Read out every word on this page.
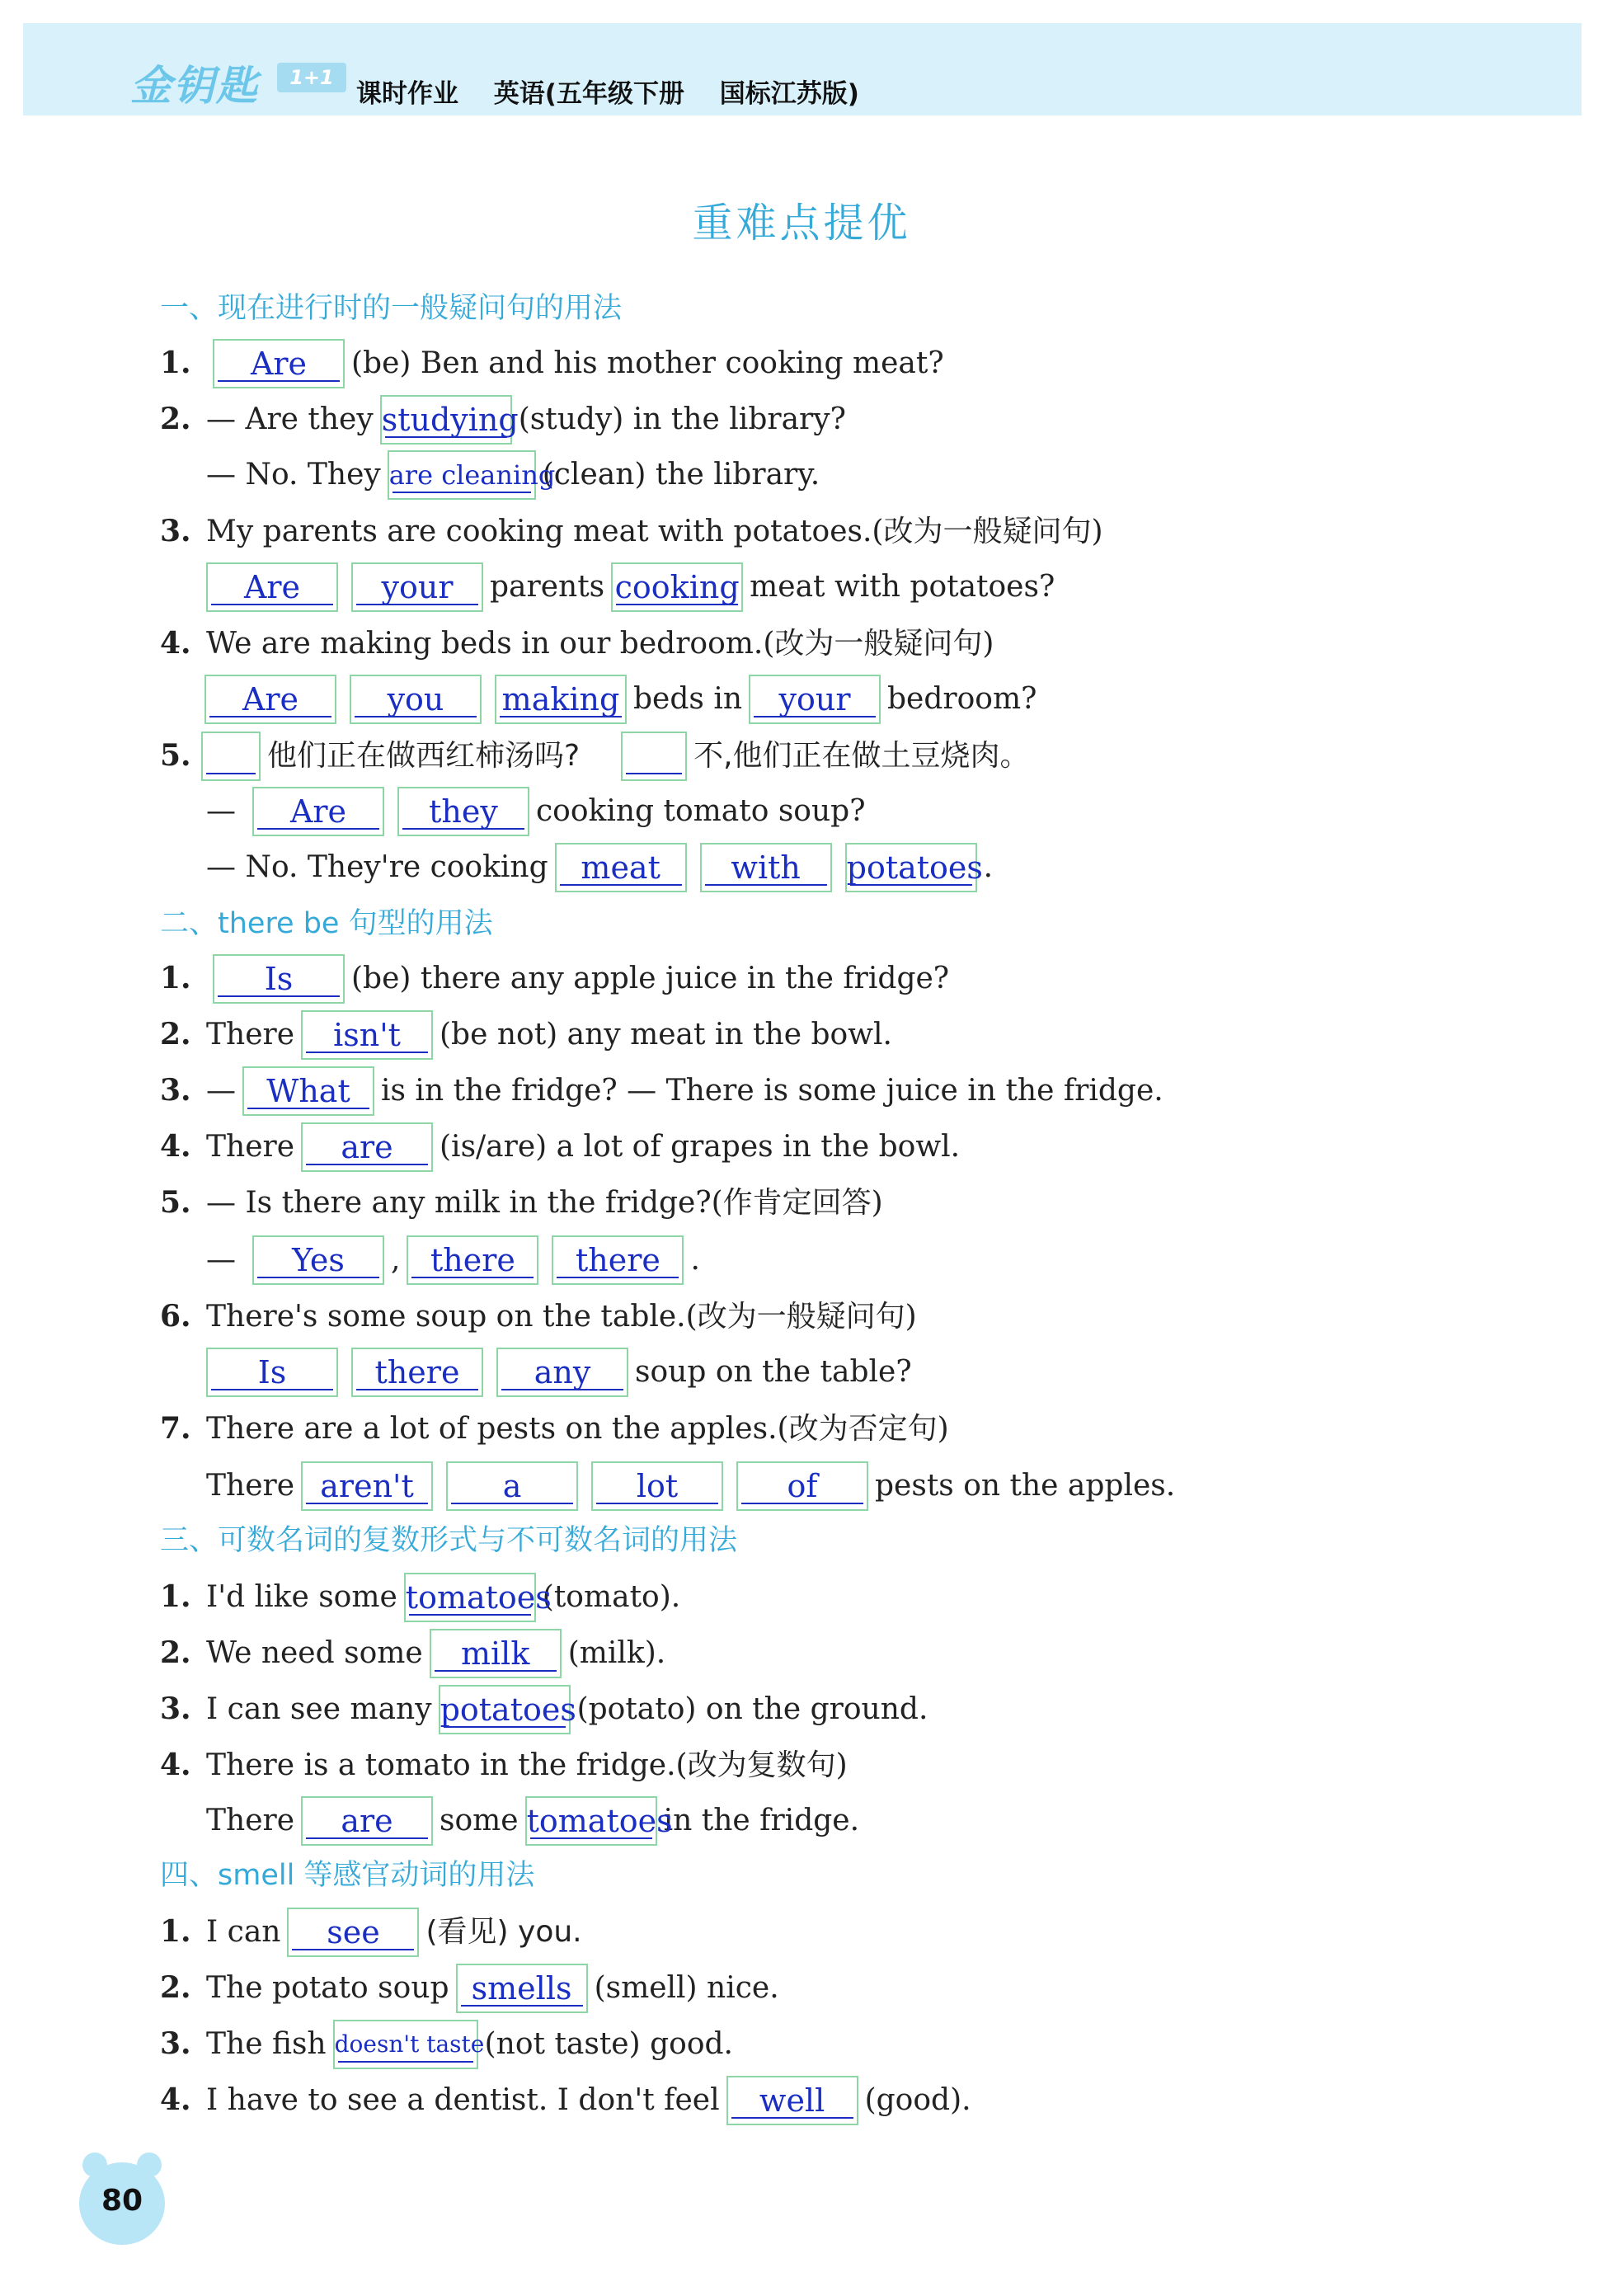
金钥匙	1+1
课时作业 英语(五年级下册 国标江苏版)
重难点提优
一、现在进行时的一般疑问句的用法
1. Are (be) Ben and his mother cooking meat?
2. — Are they studying(study) in the library?
— No. They are cleaning(clean) the library.
3. My parents are cooking meat with potatoes.(改为一般疑问句)
Are	your parents cooking meat with potatoes?
4. We are making beds in our bedroom.(改为一般疑问句)
Are	you making beds in your bedroom?
5.	他们正在做西红柿汤吗?	不,他们正在做土豆烧肉。
— Are	they cooking tomato soup?
— No. They're cooking meat with potatoes.
二、there be 句型的用法
1. Is (be) there any apple juice in the fridge?
2. There isn't (be not) any meat in the bowl.
3. — What is in the fridge? — There is some juice in the fridge.
4. There are (is/are) a lot of grapes in the bowl.
5. — Is there any milk in the fridge?(作肯定回答)
— Yes , there there .
6. There's some soup on the table.(改为一般疑问句)
Is	there any soup on the table?
7. There are a lot of pests on the apples.(改为否定句)
There aren't	a	lot	of pests on the apples.
三、可数名词的复数形式与不可数名词的用法
1. I'd like some tomatoes(tomato).
2. We need some milk (milk).
3. I can see many potatoes(potato) on the ground.
4. There is a tomato in the fridge.(改为复数句)
There are some tomatoesin the fridge.
四、smell 等感官动词的用法
1. I can see (看见) you.
2. The potato soup smells (smell) nice.
3. The fish doesn't taste(not taste) good.
4. I have to see a dentist. I don't feel well (good).
80
